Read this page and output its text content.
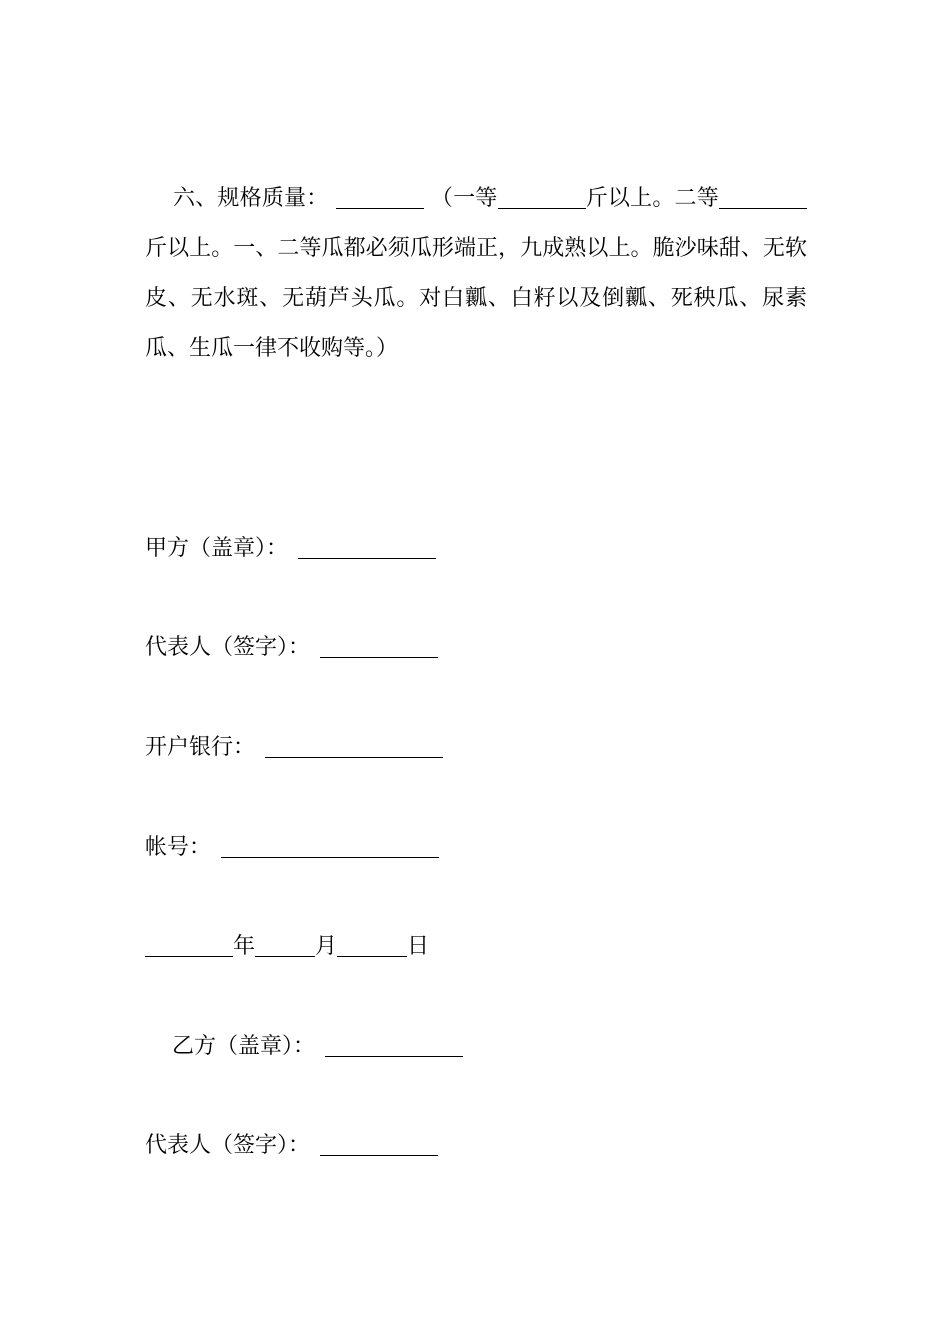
六、规格质量：	（一等	斤以上。二等斤以上。一、二等瓜都必须瓜形端正，九成熟以上。脆沙味甜、无软皮、无水斑、无葫芦头瓜。对白瓤、白籽以及倒瓤、死秧瓜、尿素瓜、生瓜一律不收购等。）

甲方（盖章）：

代表人（签字）：

开户银行：

帐号：

年	月	日

乙方（盖章）：

代表人（签字）：
